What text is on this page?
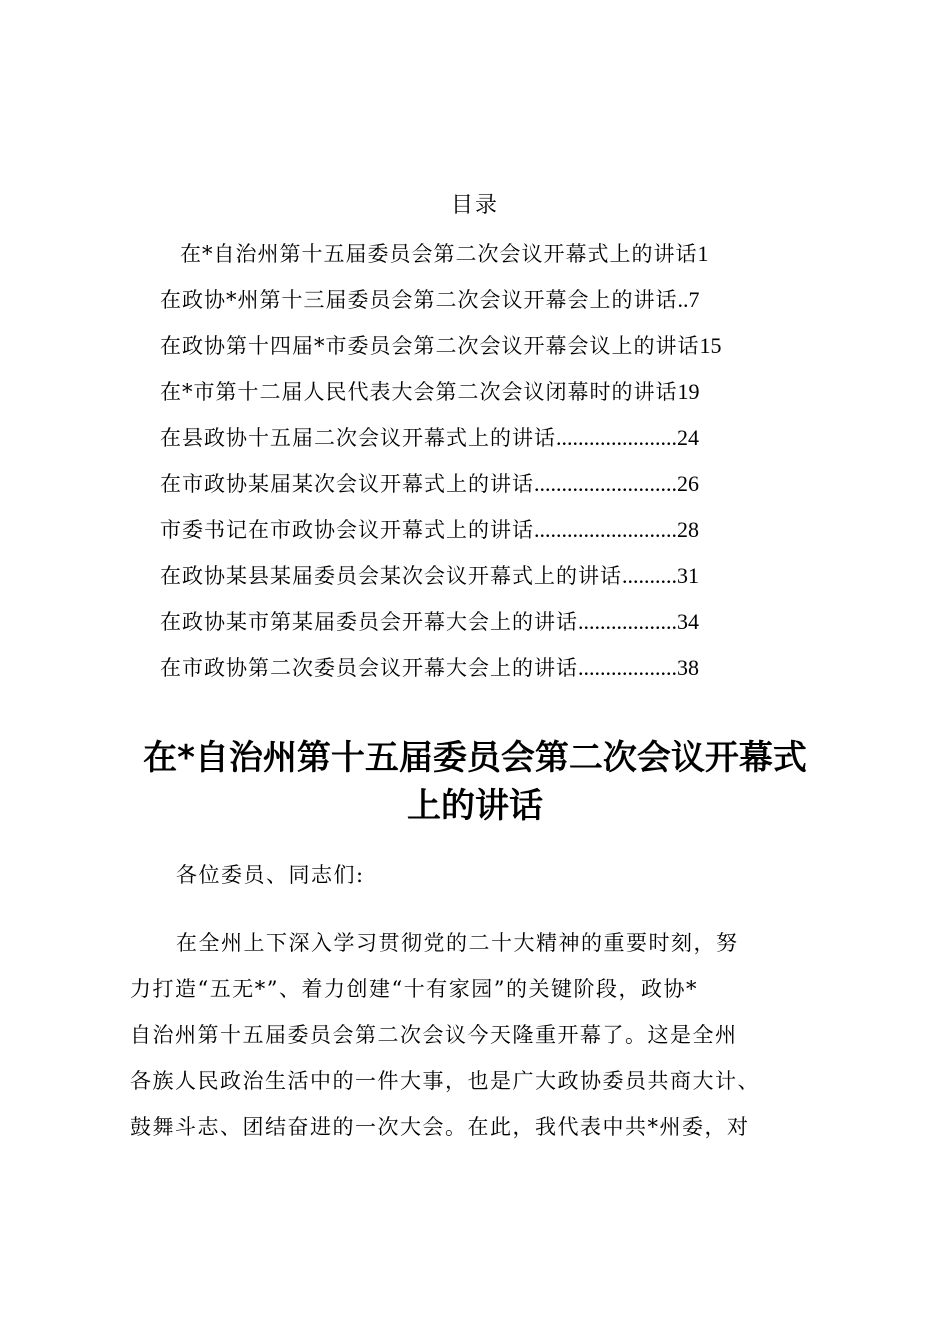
目录
在*自治州第十五届委员会第二次会议开幕式上的讲话 1
在政协*州第十三届委员会第二次会议开幕会上的讲话 .. 7
在政协第十四届*市委员会第二次会议开幕会议上的讲话 15
在*市第十二届人民代表大会第二次会议闭幕时的讲话 19
在县政协十五届二次会议开幕式上的讲话 ...................... 24
在市政协某届某次会议开幕式上的讲话 .......................... 26
市委书记在市政协会议开幕式上的讲话 .......................... 28
在政协某县某届委员会某次会议开幕式上的讲话 .......... 31
在政协某市第某届委员会开幕大会上的讲话 .................. 34
在市政协第二次委员会议开幕大会上的讲话 .................. 38
在*自治州第十五届委员会第二次会议开幕式
上的讲话
各位委员、同志们:
在全州上下深入学习贯彻党的二十大精神的重要时刻，努
力打造“五无*”、着力创建“十有家园”的关键阶段，政协*
自治州第十五届委员会第二次会议今天隆重开幕了。这是全州
各族人民政治生活中的一件大事，也是广大政协委员共商大计、
鼓舞斗志、团结奋进的一次大会。在此，我代表中共*州委，对
